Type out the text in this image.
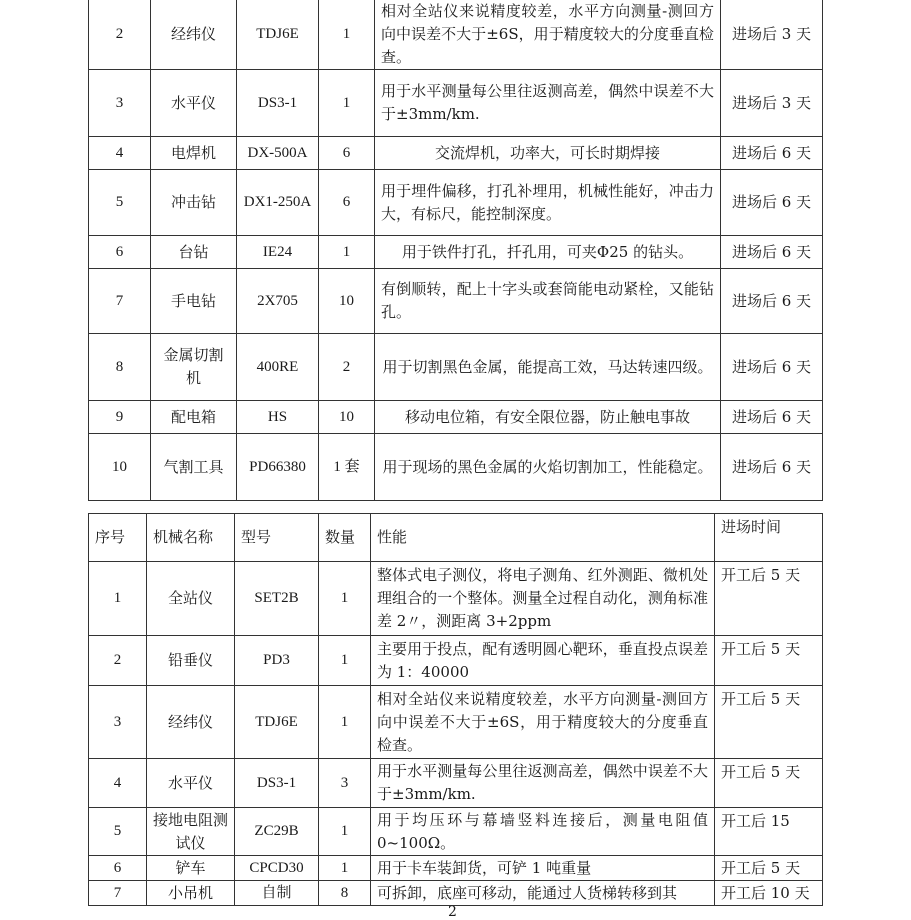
2	经纬仪	TDJ6E	1	相对全站仪来说精度较差，水平方向测量-测回方向中误差不大于±6S，用于精度较大的分度垂直检查。	进场后 3 天
3	水平仪	DS3-1	1	用于水平测量每公里往返测高差，偶然中误差不大于±3mm/km.	进场后 3 天
4	电焊机	DX-500A	6	交流焊机，功率大，可长时期焊接	进场后 6 天
5	冲击钻	DX1-250A	6	用于埋件偏移，打孔补埋用，机械性能好，冲击力大，有标尺，能控制深度。	进场后 6 天
6	台钻	IE24	1	用于铁件打孔，扦孔用，可夹Φ25 的钻头。	进场后 6 天
7	手电钻	2X705	10	有倒顺转，配上十字头或套筒能电动紧栓，又能钻孔。	进场后 6 天
8	金属切割机	400RE	2	用于切割黑色金属，能提高工效，马达转速四级。	进场后 6 天
9	配电箱	HS	10	移动电位箱，有安全限位器，防止触电事故	进场后 6 天
10	气割工具	PD66380	1 套	用于现场的黑色金属的火焰切割加工，性能稳定。	进场后 6 天
序号	机械名称	型号	数量	性能	进场时间
1	全站仪	SET2B	1	整体式电子测仪，将电子测角、红外测距、微机处理组合的一个整体。测量全过程自动化，测角标准差 2〃，测距离 3+2ppm	开工后 5 天
2	铅垂仪	PD3	1	主要用于投点，配有透明圆心靶环，垂直投点误差为 1：40000	开工后 5 天
3	经纬仪	TDJ6E	1	相对全站仪来说精度较差，水平方向测量-测回方向中误差不大于±6S，用于精度较大的分度垂直检查。	开工后 5 天
4	水平仪	DS3-1	3	用于水平测量每公里往返测高差，偶然中误差不大于±3mm/km.	开工后 5 天
5	接地电阻测试仪	ZC29B	1	用于均压环与幕墙竖料连接后，测量电阻值 0~100Ω。	开工后 15
6	铲车	CPCD30	1	用于卡车装卸货，可铲 1 吨重量	开工后 5 天
7	小吊机	自制	8	可拆卸，底座可移动，能通过人货梯转移到其	开工后 10 天
2
